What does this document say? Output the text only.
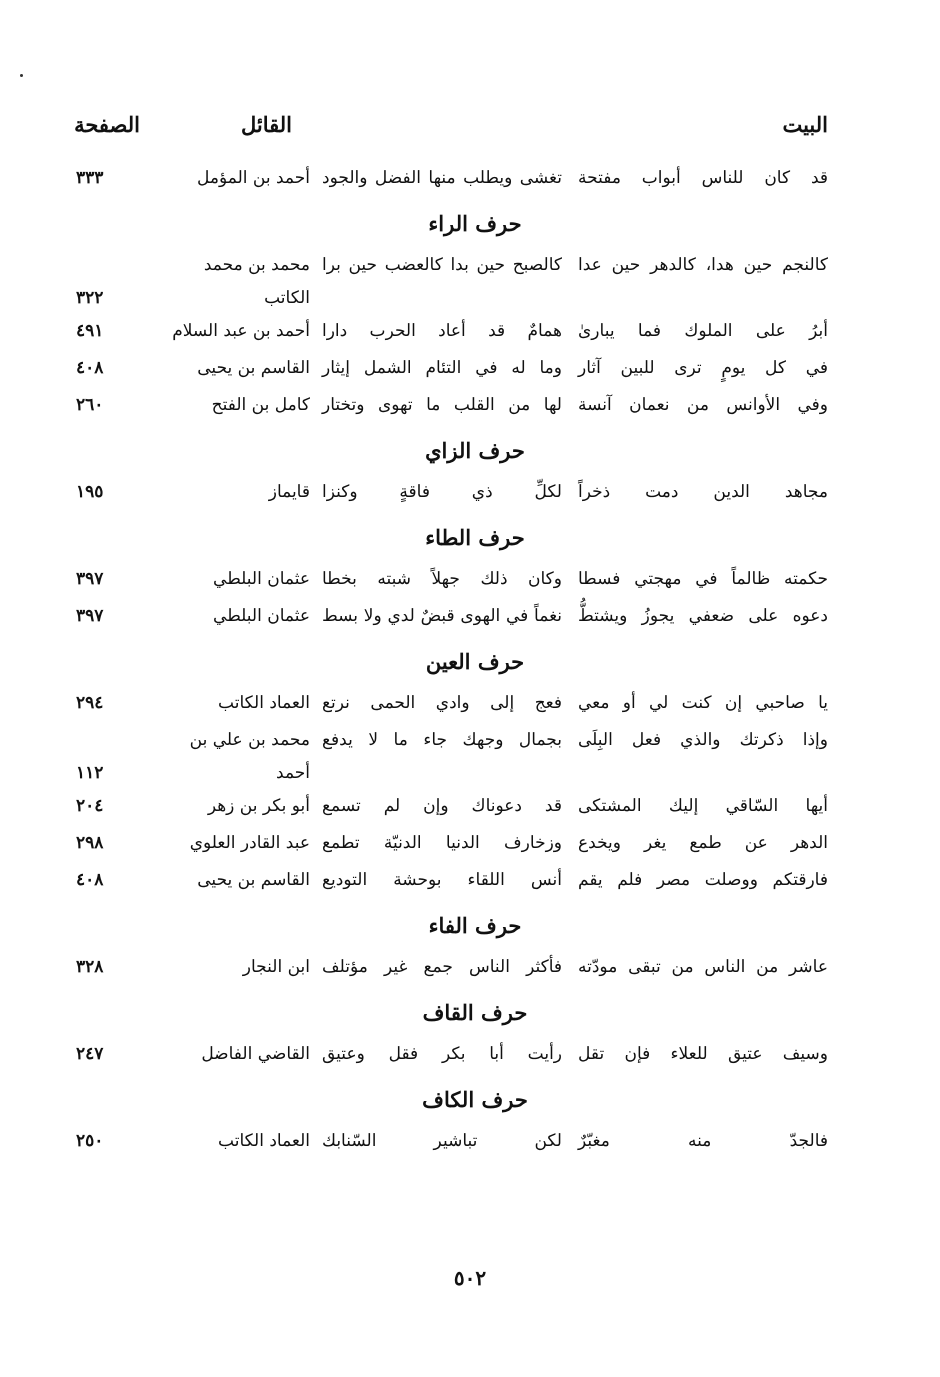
البيت
القائل
الصفحة
قد كان للناس أبواب مفتحة
تغشى ويطلب منها الفضل والجود
أحمد بن المؤمل
٣٣٣
حرف الراء
كالنجم حين هدا، كالدهر حين عدا
كالصبح حين بدا كالعضب حين برا
محمد بن محمد
الكاتب
٣٢٢
أبرُ على الملوك فما يبارىٰ
همامٌ قد أعاد الحرب دارا
أحمد بن عبد السلام
٤٩١
في كل يومٍ ترى للبين آثار
وما له في التئام الشمل إيثار
القاسم بن يحيى
٤٠٨
وفي الأوانس من نعمان آنسة
لها من القلب ما تهوى وتختار
كامل بن الفتح
٢٦٠
حرف الزاي
مجاهد الدين دمت ذخراً
لكلِّ ذي فاقةٍ وكنزا
قايماز
١٩٥
حرف الطاء
حكمته ظالماً في مهجتي فسطا
وكان ذلك جهلاً شبته بخطا
عثمان البلطي
٣٩٧
دعوه على ضعفي يجوزُ ويشتطُّ
نغماً في الهوى قبضٌ لدي ولا بسط
عثمان البلطي
٣٩٧
حرف العين
يا صاحبي إن كنت لي أو معي
فعج إلى وادي الحمى نرتع
العماد الكاتب
٢٩٤
وإذا ذكرتك والذي فعل البِلَى
بجمال وجهك جاء ما لا يدفع
محمد بن علي بن
أحمد
١١٢
أيها السّاقي إليك المشتكى
قد دعوناك وإن لم تسمع
أبو بكر بن زهر
٢٠٤
الدهر عن طمع يغر ويخدع
وزخارف الدنيا الدنيّة تطمع
عبد القادر العلوي
٢٩٨
فارقتكم ووصلت مصر فلم يقم
أنس اللقاء بوحشة التوديع
القاسم بن يحيى
٤٠٨
حرف الفاء
عاشر من الناس من تبقى مودّته
فأكثر الناس جمع غير مؤتلف
ابن النجار
٣٢٨
حرف القاف
وسيف عتيق للعلاء فإن تقل
رأيت أبا بكر فقل وعتيق
القاضي الفاضل
٢٤٧
حرف الكاف
فالجدّ منه مغبّرٌ
لكن تباشير السّنابك
العماد الكاتب
٢٥٠
٥٠٢
